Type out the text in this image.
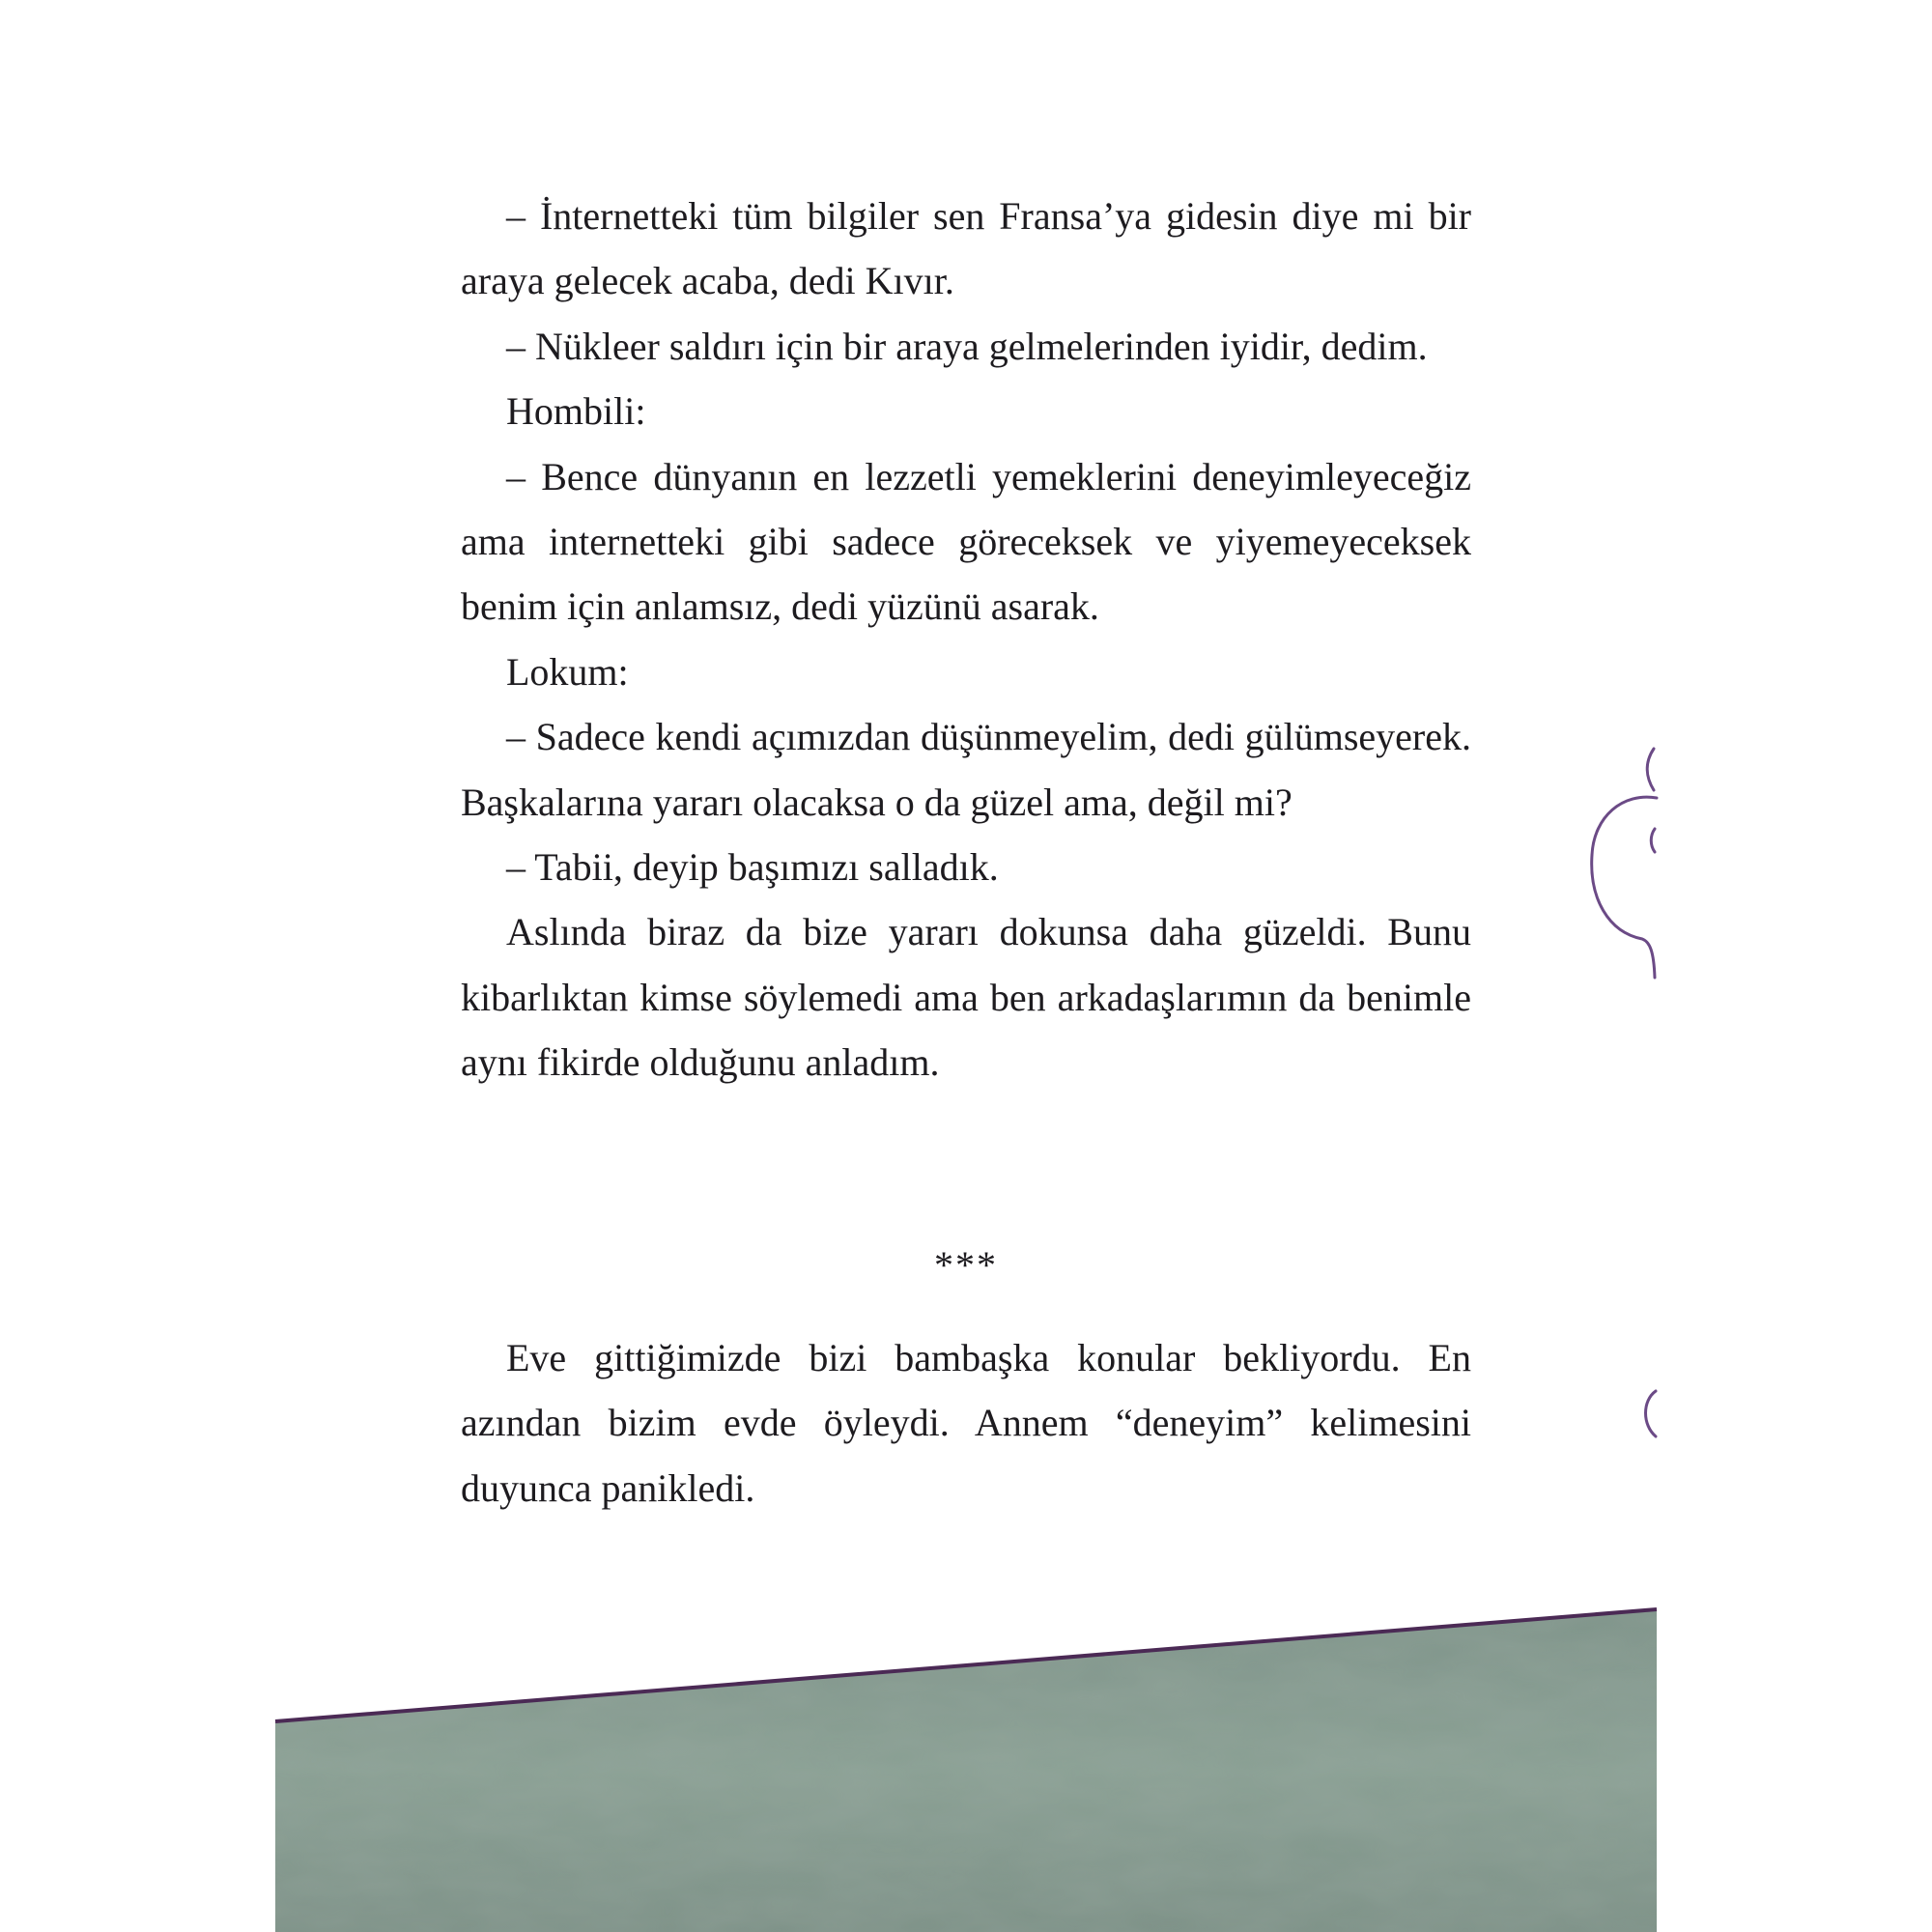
– İnternetteki tüm bilgiler sen Fransa’ya gidesin diye mi bir araya gelecek acaba, dedi Kıvır.

– Nükleer saldırı için bir araya gelmelerinden iyidir, dedim.

Hombili:

– Bence dünyanın en lezzetli yemeklerini deneyimleyeceğiz ama internetteki gibi sadece göreceksek ve yiyemeyeceksek benim için anlamsız, dedi yüzünü asarak.

Lokum:

– Sadece kendi açımızdan düşünmeyelim, dedi gülümseyerek. Başkalarına yararı olacaksa o da güzel ama, değil mi?

– Tabii, deyip başımızı salladık.

Aslında biraz da bize yararı dokunsa daha güzeldi. Bunu kibarlıktan kimse söylemedi ama ben arkadaşlarımın da benimle aynı fikirde olduğunu anladım.

***

Eve gittiğimizde bizi bambaşka konular bekliyordu. En azından bizim evde öyleydi. Annem “deneyim” kelimesini duyunca panikledi.
